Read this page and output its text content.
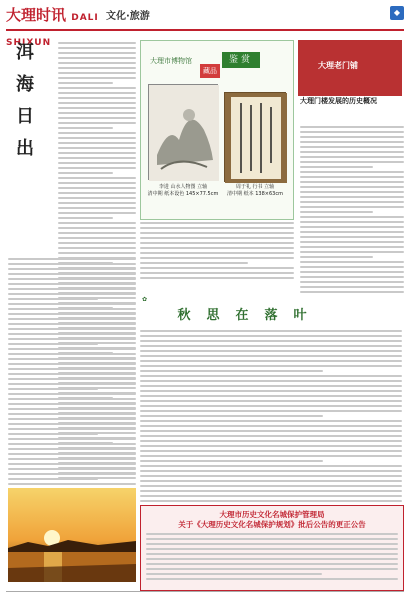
大理时讯 DALI SHIXUN
文化·旅游	◆
洱海日出	大理市博物馆
藏品
鉴赏
李进 山水人物图 立轴
清中期 纸本设色 145×77.5cm
周于礼 行书 立轴
清中期 纸本 138×63cm
大理老门铺
大理门楼发展的历史概况
✿
秋思在落叶
大理市历史文化名城保护管理局
关于《大理历史文化名城保护规划》批后公告的更正公告
